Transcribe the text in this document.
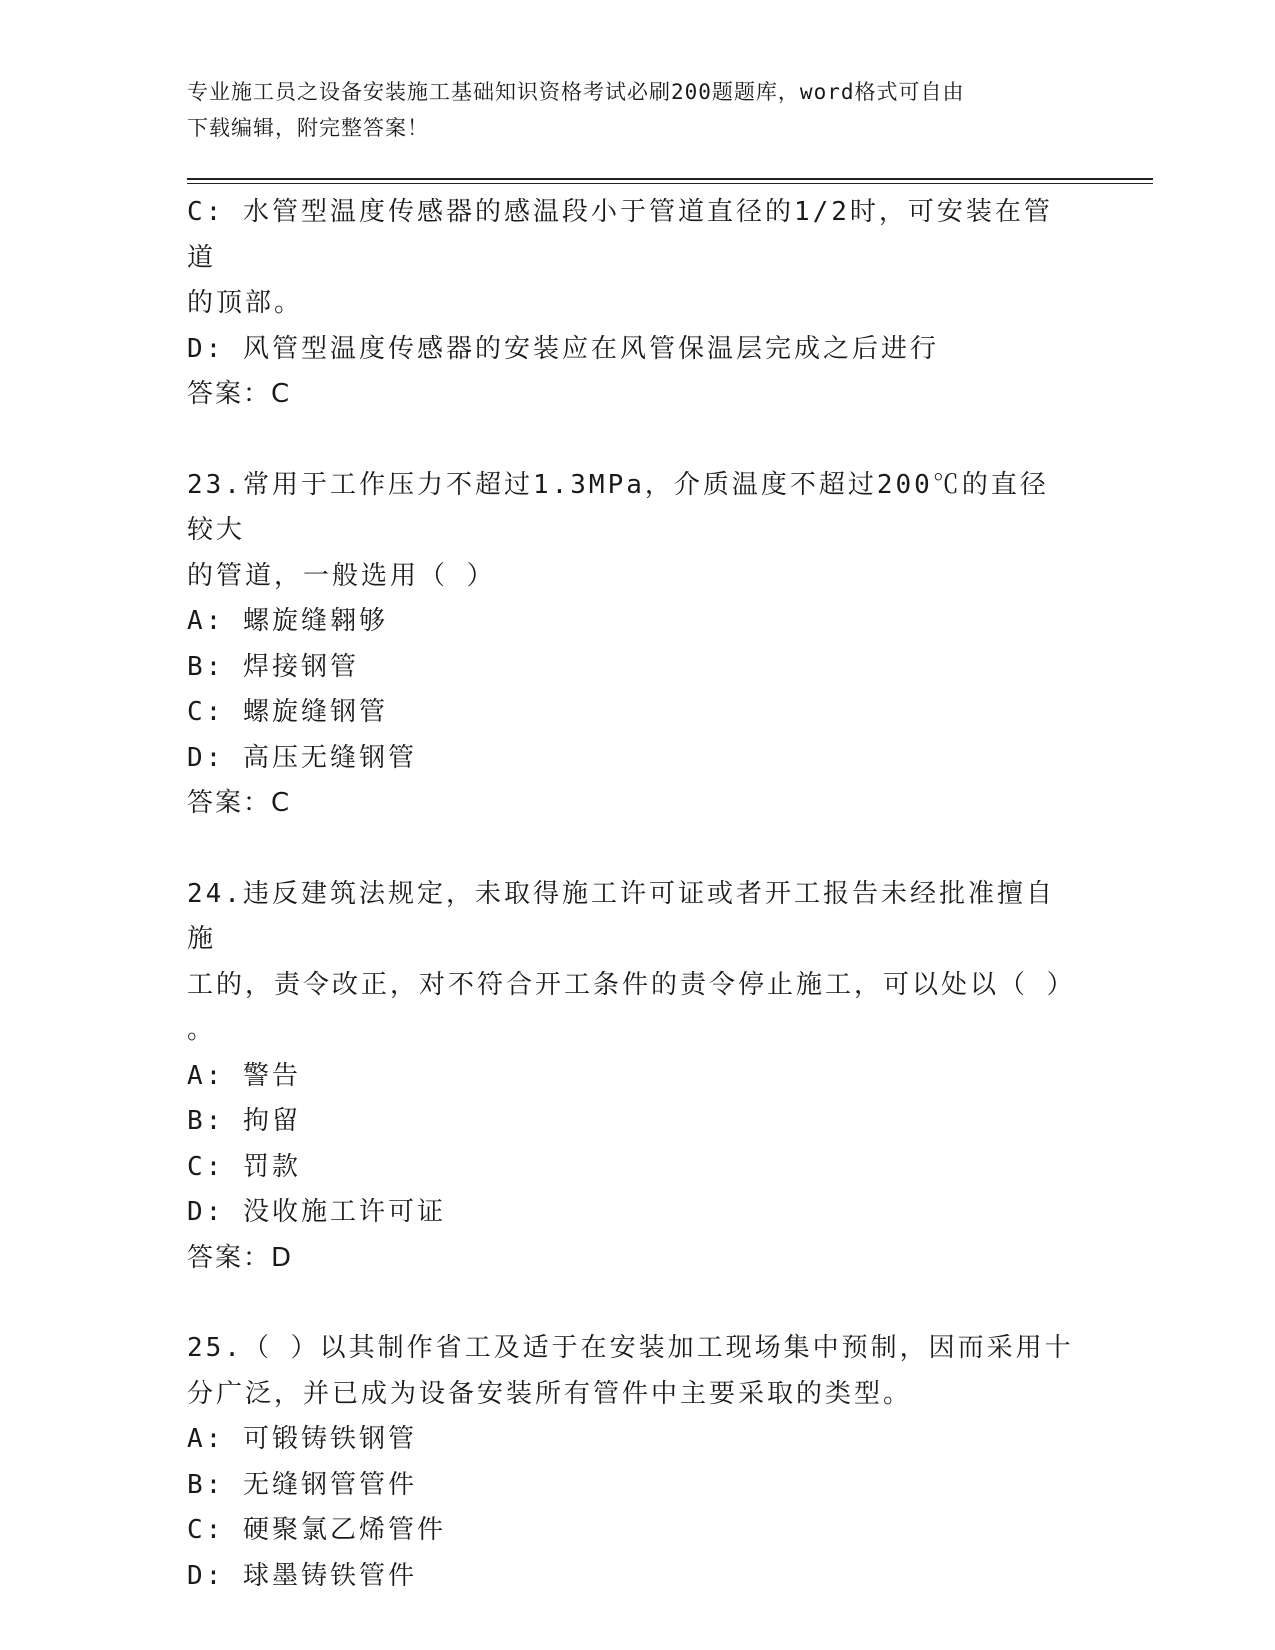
专业施工员之设备安装施工基础知识资格考试必刷200题题库，word格式可自由
下载编辑，附完整答案！
C: 水管型温度传感器的感温段小于管道直径的1/2时，可安装在管道
的顶部。
D: 风管型温度传感器的安装应在风管保温层完成之后进行
答案：C
23.常用于工作压力不超过1.3MPa，介质温度不超过200℃的直径较大
的管道，一般选用（ ）
A: 螺旋缝翱够
B: 焊接钢管
C: 螺旋缝钢管
D: 高压无缝钢管
答案：C
24.违反建筑法规定，未取得施工许可证或者开工报告未经批准擅自施
工的，责令改正，对不符合开工条件的责令停止施工，可以处以（ ）
。
A: 警告
B: 拘留
C: 罚款
D: 没收施工许可证
答案：D
25.（ ）以其制作省工及适于在安装加工现场集中预制，因而采用十
分广泛，并已成为设备安装所有管件中主要采取的类型。
A: 可锻铸铁钢管
B: 无缝钢管管件
C: 硬聚氯乙烯管件
D: 球墨铸铁管件
